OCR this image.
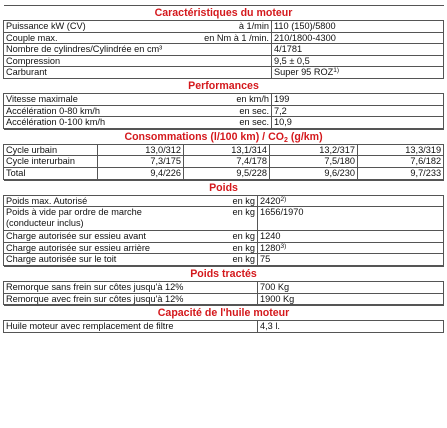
Caractéristiques du moteur		
Puissance kW (CV)	à 1/min	110 (150)/5800
Couple max.	en Nm à 1 /min.	210/1800-4300
Nombre de cylindres/Cylindrée en cm³		4/1781
Compression		9,5 ± 0,5
Carburant		Super 95 ROZ$^{1)}$
Performances		
Vitesse maximale	en km/h	199
Accélération 0-80 km/h	en sec.	7,2
Accélération 0-100 km/h	en sec.	10,9
Consommations (l/100 $km) / CO_2$ (g/km)				
Cycle urbain	13,0/312	13,1/314	13,2/317	13,3/319
Cycle interurbain	7,3/175	7,4/178	7,5/180	7,6/182
Total	9,4/226	9,5/228	9,6/230	9,7/233
Poids		
Poids max. Autorisé	en kg	2420$^{2)}$
Poids à vide par ordre de marche (conducteur inclus)	en kg	1656/1970
Charge autorisée sur essieu avant	en kg	1240
Charge autorisée sur essieu arrière	en kg	1280$^{3)}$
Charge autorisée sur le toit	en kg	75
Poids tractés	
Remorque sans frein sur côtes jusqu'à 12%	700 Kg
Remorque avec frein sur côtes jusqu'à 12%	1900 Kg
Capacité de l'huile moteur
Huile moteur avec remplacement de filtre	4,3 l.
